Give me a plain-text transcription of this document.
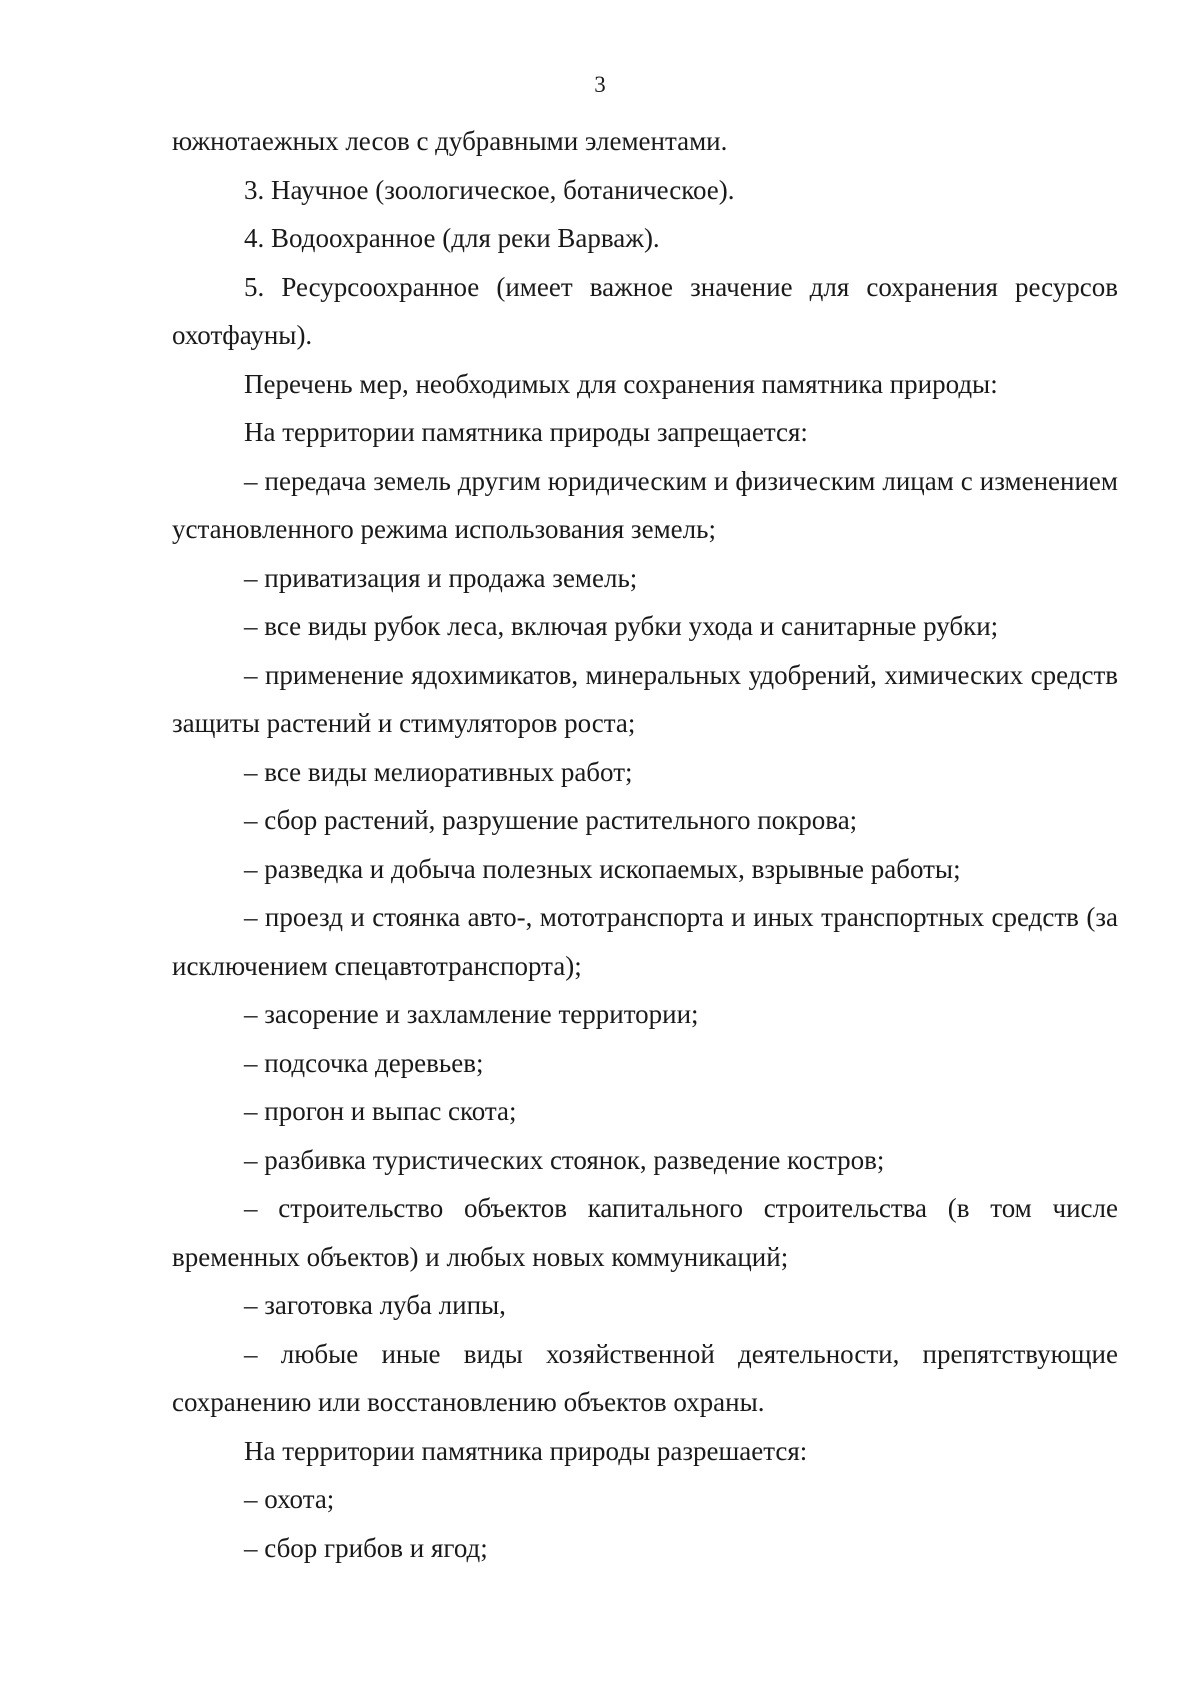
3

южнотаежных лесов с дубравными элементами.

3. Научное (зоологическое, ботаническое).

4. Водоохранное (для реки Варваж).

5. Ресурсоохранное (имеет важное значение для сохранения ресурсов охотфауны).

Перечень мер, необходимых для сохранения памятника природы:

На территории памятника природы запрещается:

– передача земель другим юридическим и физическим лицам с изменением установленного режима использования земель;

– приватизация и продажа земель;

– все виды рубок леса, включая рубки ухода и санитарные рубки;

– применение ядохимикатов, минеральных удобрений, химических средств защиты растений и стимуляторов роста;

– все виды мелиоративных работ;

– сбор растений, разрушение растительного покрова;

– разведка и добыча полезных ископаемых, взрывные работы;

– проезд и стоянка авто-, мототранспорта и иных транспортных средств (за исключением спецавтотранспорта);

– засорение и захламление территории;

– подсочка деревьев;

– прогон и выпас скота;

– разбивка туристических стоянок, разведение костров;

– строительство объектов капитального строительства (в том числе временных объектов) и любых новых коммуникаций;

– заготовка луба липы,

– любые иные виды хозяйственной деятельности, препятствующие сохранению или восстановлению объектов охраны.

На территории памятника природы разрешается:

– охота;

– сбор грибов и ягод;
